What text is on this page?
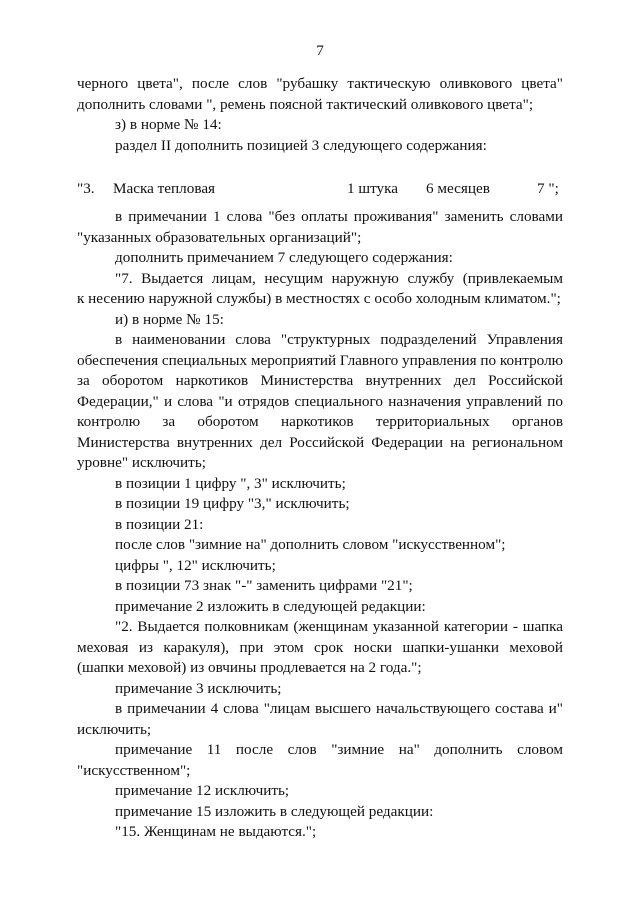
7

черного цвета", после слов "рубашку тактическую оливкового цвета"

дополнить словами ", ремень поясной тактический оливкового цвета";

з) в норме № 14:

раздел II дополнить позицией 3 следующего содержания:

"3. Маска тепловая	1 штука 6 месяцев	7 ";

в примечании 1 слова "без оплаты проживания" заменить словами

"указанных образовательных организаций";

дополнить примечанием 7 следующего содержания:

"7. Выдается лицам, несущим наружную службу (привлекаемым

к несению наружной службы) в местностях с особо холодным климатом.";

и) в норме № 15:

в наименовании слова "структурных подразделений Управления

обеспечения специальных мероприятий Главного управления по контролю

за оборотом наркотиков Министерства внутренних дел Российской

Федерации," и слова "и отрядов специального назначения управлений по

контролю за оборотом наркотиков территориальных органов

Министерства внутренних дел Российской Федерации на региональном

уровне" исключить;

в позиции 1 цифру ", 3" исключить;

в позиции 19 цифру "3," исключить;

в позиции 21:

после слов "зимние на" дополнить словом "искусственном";

цифры ", 12" исключить;

в позиции 73 знак "-" заменить цифрами "21";

примечание 2 изложить в следующей редакции:

"2. Выдается полковникам (женщинам указанной категории - шапка

меховая из каракуля), при этом срок носки шапки-ушанки меховой

(шапки меховой) из овчины продлевается на 2 года.";

примечание 3 исключить;

в примечании 4 слова "лицам высшего начальствующего состава и"

исключить;

примечание 11 после слов "зимние на" дополнить словом

"искусственном";

примечание 12 исключить;

примечание 15 изложить в следующей редакции:

"15. Женщинам не выдаются.";
